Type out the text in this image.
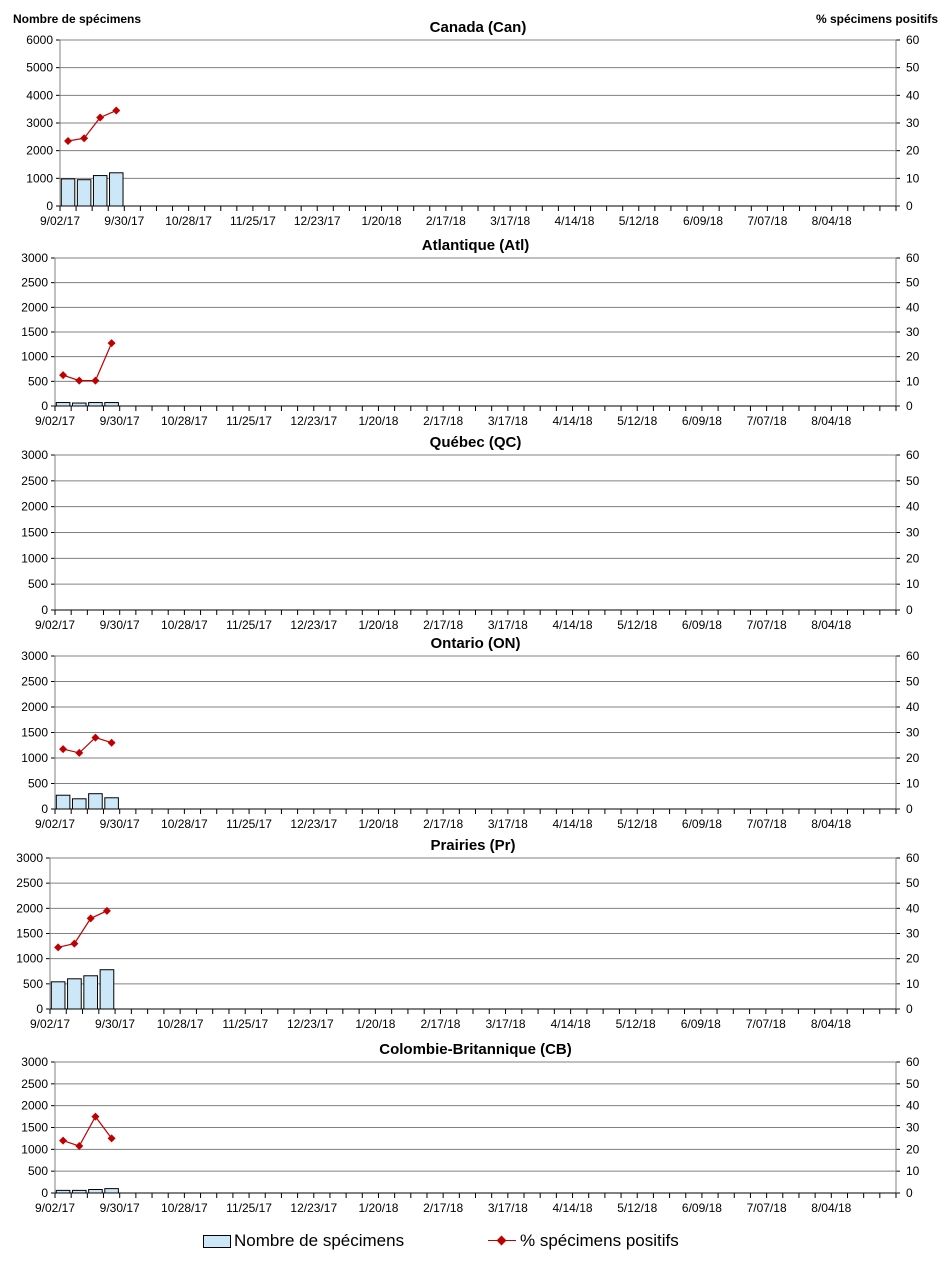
Nombre de spécimens	% spécimens positifs
0	0
1000	10
2000	20
3000	30
4000	40
5000	50
6000	60
9/02/17 9/30/17 10/28/17 11/25/17 12/23/17 1/20/18 2/17/18 3/17/18 4/14/18 5/12/18 6/09/18 7/07/18 8/04/18
Canada (Can)
0	0
500	10
1000	20
1500	30
2000	40
2500	50
3000	60
9/02/17 9/30/17 10/28/17 11/25/17 12/23/17 1/20/18 2/17/18 3/17/18 4/14/18 5/12/18 6/09/18 7/07/18 8/04/18
Atlantique (Atl)
0	0
500	10
1000	20
1500	30
2000	40
2500	50
3000	60
9/02/17 9/30/17 10/28/17 11/25/17 12/23/17 1/20/18 2/17/18 3/17/18 4/14/18 5/12/18 6/09/18 7/07/18 8/04/18
Québec (QC)
0	0
500	10
1000	20
1500	30
2000	40
2500	50
3000	60
9/02/17 9/30/17 10/28/17 11/25/17 12/23/17 1/20/18 2/17/18 3/17/18 4/14/18 5/12/18 6/09/18 7/07/18 8/04/18
Ontario (ON)
0	0
500	10
1000	20
1500	30
2000	40
2500	50
3000	60
9/02/17 9/30/17 10/28/17 11/25/17 12/23/17 1/20/18 2/17/18 3/17/18 4/14/18 5/12/18 6/09/18 7/07/18 8/04/18
Prairies (Pr)
0	0
500	10
1000	20
1500	30
2000	40
2500	50
3000	60
9/02/17 9/30/17 10/28/17 11/25/17 12/23/17 1/20/18 2/17/18 3/17/18 4/14/18 5/12/18 6/09/18 7/07/18 8/04/18
Colombie-Britannique (CB)
Nombre de spécimens	% spécimens positifs
